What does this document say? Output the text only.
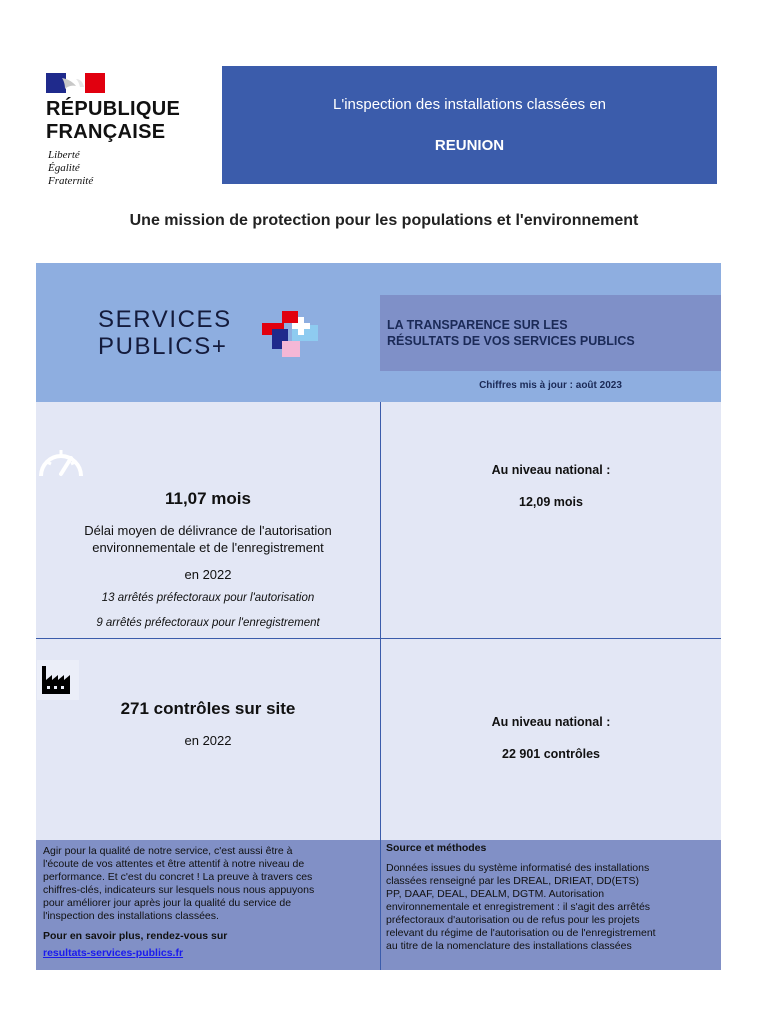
RÉPUBLIQUE
FRANÇAISE
Liberté
Égalité
Fraternité
L'inspection des installations classées en
REUNION
Une mission de protection pour les populations et l'environnement
SERVICES
PUBLICS+
LA TRANSPARENCE SUR LES
RÉSULTATS DE VOS SERVICES PUBLICS
Chiffres mis à jour : août 2023
11,07 mois
Délai moyen de délivrance de l'autorisation
environnementale et de l'enregistrement
en 2022
13 arrêtés préfectoraux pour l'autorisation
9 arrêtés préfectoraux pour l'enregistrement
Au niveau national :
12,09 mois
271 contrôles sur site
en 2022
Au niveau national :
22 901 contrôles
Agir pour la qualité de notre service, c'est aussi être à
l'écoute de vos attentes et être attentif à notre niveau de
performance. Et c'est du concret ! La preuve à travers ces
chiffres-clés, indicateurs sur lesquels nous nous appuyons
pour améliorer jour après jour la qualité du service de
l'inspection des installations classées.
Pour en savoir plus, rendez-vous sur
resultats-services-publics.fr
Source et méthodes
Données issues du système informatisé des installations
classées renseigné par les DREAL, DRIEAT, DD(ETS)
PP, DAAF, DEAL, DEALM, DGTM. Autorisation
environnementale et enregistrement : il s'agit des arrêtés
préfectoraux d'autorisation ou de refus pour les projets
relevant du régime de l'autorisation ou de l'enregistrement
au titre de la nomenclature des installations classées
